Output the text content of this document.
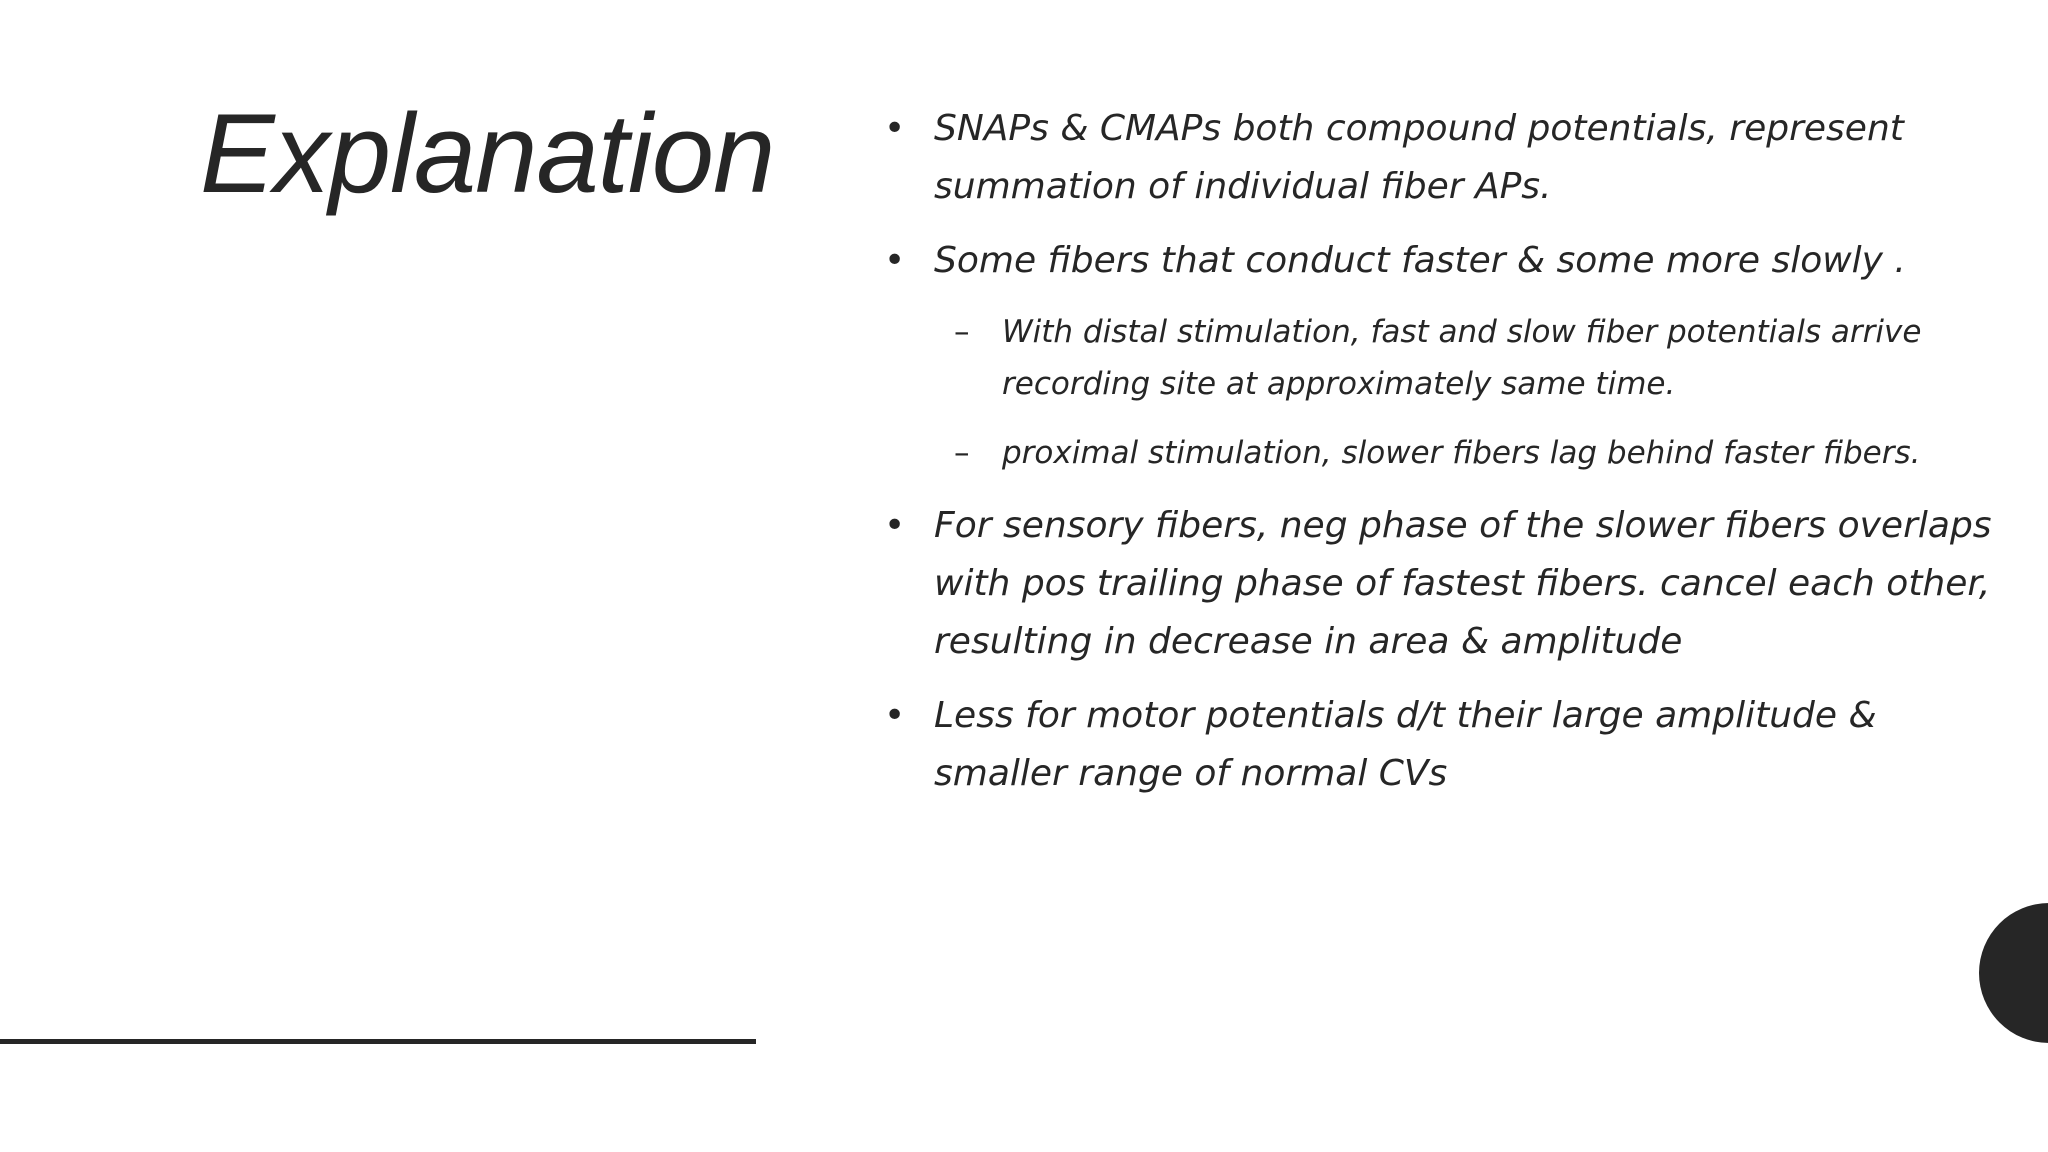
Explanation	• SNAPs & CMAPs both compound potentials, represent summation of individual fiber APs.
• Some fibers that conduct faster & some more slowly .
– With distal stimulation, fast and slow fiber potentials arrive recording site at approximately same time.
– proximal stimulation, slower fibers lag behind faster fibers.
• For sensory fibers, neg phase of the slower fibers overlaps with pos trailing phase of fastest fibers. cancel each other, resulting in decrease in area & amplitude
• Less for motor potentials d/t their large amplitude & smaller range of normal CVs
